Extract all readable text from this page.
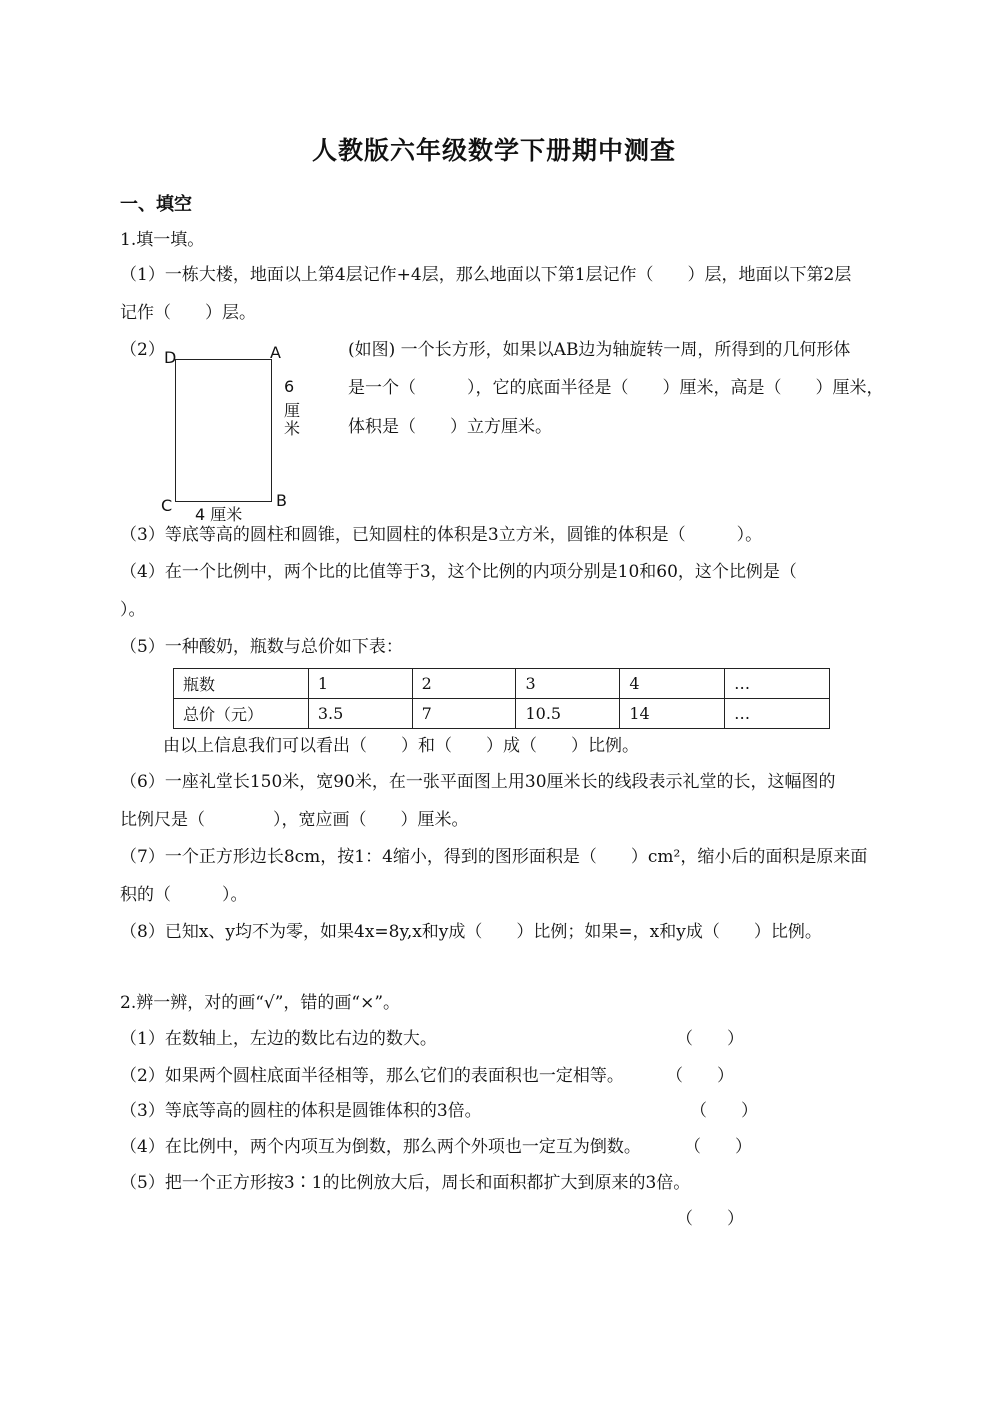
人教版六年级数学下册期中测查
一、填空
1.填一填。
（1）一栋大楼，地面以上第4层记作+4层，那么地面以下第1层记作（　　）层，地面以下第2层
记作（　　）层。
（2） D	A
C	B
6
厘
米
4 厘米
(如图) 一个长方形，如果以AB边为轴旋转一周，所得到的几何形体
是一个（　　　），它的底面半径是（　　）厘米，高是（　　）厘米，
体积是（　　）立方厘米。
（3）等底等高的圆柱和圆锥，已知圆柱的体积是3立方米，圆锥的体积是（　　　）。
（4）在一个比例中，两个比的比值等于3，这个比例的内项分别是10和60，这个比例是（
）。
（5）一种酸奶，瓶数与总价如下表：
瓶数	1	2	3	4	…
总价（元）	3.5	7	10.5	14	…
由以上信息我们可以看出（　　）和（　　）成（　　）比例。
（6）一座礼堂长150米，宽90米，在一张平面图上用30厘米长的线段表示礼堂的长，这幅图的
比例尺是（　　　　），宽应画（　　）厘米。
（7）一个正方形边长8cm，按1：4缩小，得到的图形面积是（　　）cm²，缩小后的面积是原来面
积的（　　　）。
（8）已知x、y均不为零，如果4x=8y,x和y成（　　）比例；如果=，x和y成（　　）比例。
2.辨一辨，对的画“√”，错的画“×”。
（1）在数轴上，左边的数比右边的数大。	（　　）
（2）如果两个圆柱底面半径相等，那么它们的表面积也一定相等。 （　　）
（3）等底等高的圆柱的体积是圆锥体积的3倍。	（　　）
（4）在比例中，两个内项互为倒数，那么两个外项也一定互为倒数。	（　　）
（5）把一个正方形按3∶1的比例放大后，周长和面积都扩大到原来的3倍。
（　　）
